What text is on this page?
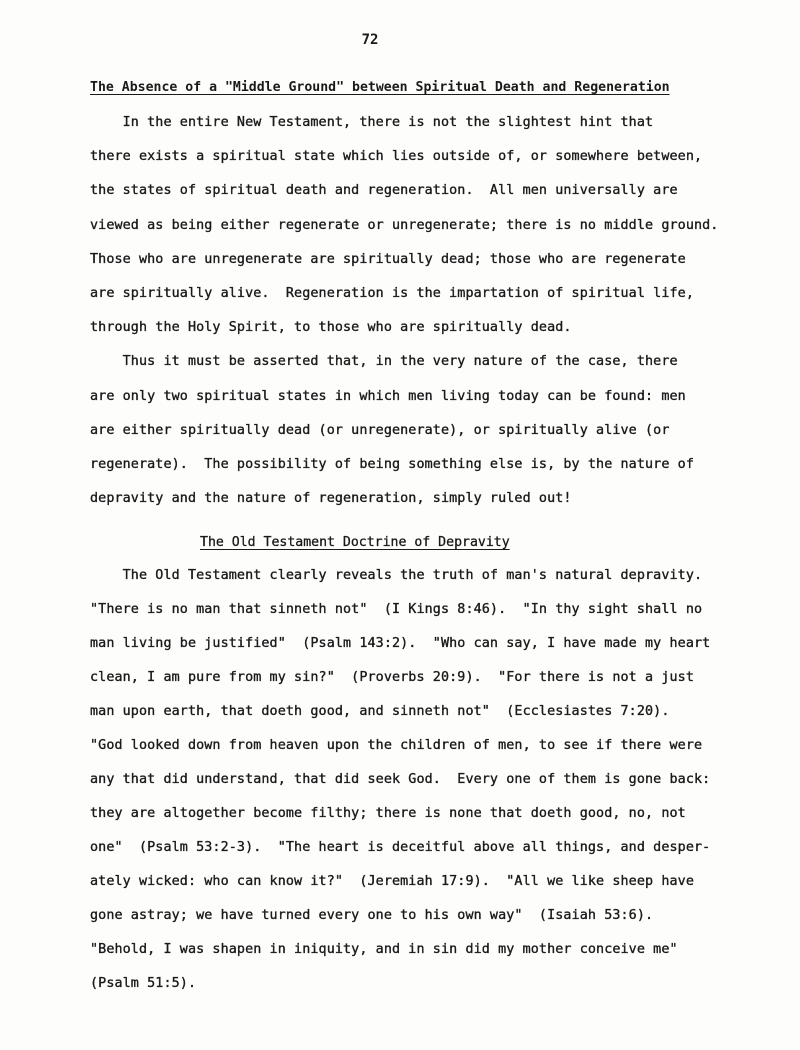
72
The Absence of a "Middle Ground" between Spiritual Death and Regeneration
In the entire New Testament, there is not the slightest hint that
there exists a spiritual state which lies outside of, or somewhere between,
the states of spiritual death and regeneration.  All men universally are
viewed as being either regenerate or unregenerate; there is no middle ground.
Those who are unregenerate are spiritually dead; those who are regenerate
are spiritually alive.  Regeneration is the impartation of spiritual life,
through the Holy Spirit, to those who are spiritually dead.
Thus it must be asserted that, in the very nature of the case, there
are only two spiritual states in which men living today can be found: men
are either spiritually dead (or unregenerate), or spiritually alive (or
regenerate).  The possibility of being something else is, by the nature of
depravity and the nature of regeneration, simply ruled out!
The Old Testament Doctrine of Depravity
The Old Testament clearly reveals the truth of man's natural depravity.
"There is no man that sinneth not"  (I Kings 8:46).  "In thy sight shall no
man living be justified"  (Psalm 143:2).  "Who can say, I have made my heart
clean, I am pure from my sin?"  (Proverbs 20:9).  "For there is not a just
man upon earth, that doeth good, and sinneth not"  (Ecclesiastes 7:20).
"God looked down from heaven upon the children of men, to see if there were
any that did understand, that did seek God.  Every one of them is gone back:
they are altogether become filthy; there is none that doeth good, no, not
one"  (Psalm 53:2-3).  "The heart is deceitful above all things, and desper-
ately wicked: who can know it?"  (Jeremiah 17:9).  "All we like sheep have
gone astray; we have turned every one to his own way"  (Isaiah 53:6).
"Behold, I was shapen in iniquity, and in sin did my mother conceive me"
(Psalm 51:5).
